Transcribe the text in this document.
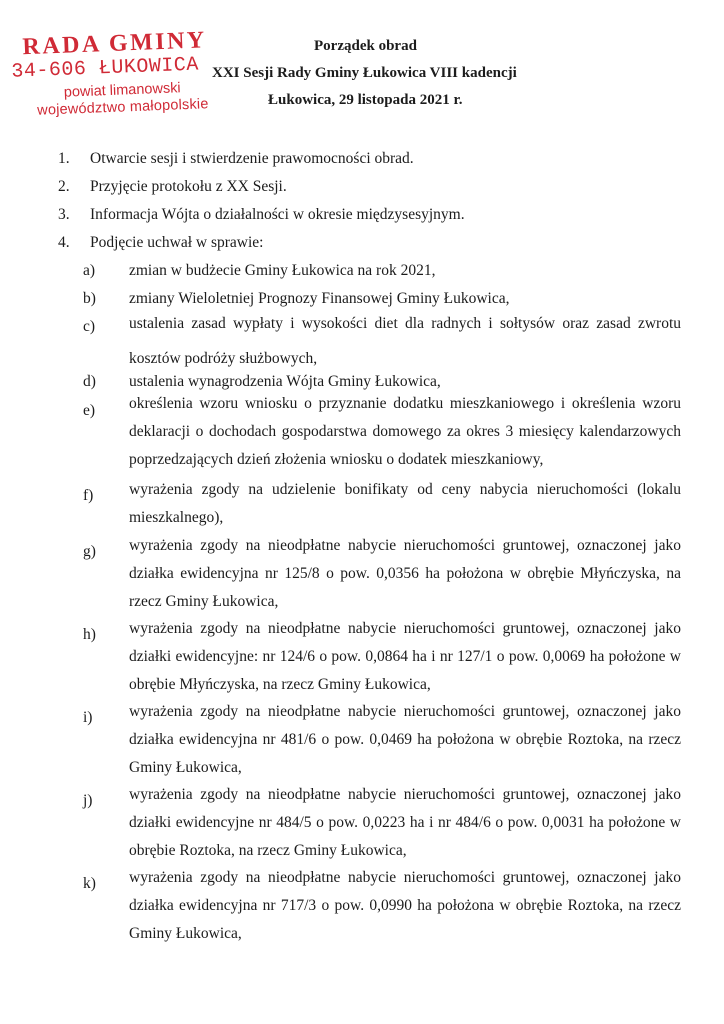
RADA GMINY
34-606 ŁUKOWICA
powiat limanowski
województwo małopolskie
Porządek obrad
XXI Sesji Rady Gminy Łukowica VIII kadencji
Łukowica, 29 listopada 2021 r.
1.	Otwarcie sesji i stwierdzenie prawomocności obrad.
2.	Przyjęcie protokołu z XX Sesji.
3.	Informacja Wójta o działalności w okresie międzysesyjnym.
4.	Podjęcie uchwał w sprawie:
a)	zmian w budżecie Gminy Łukowica na rok 2021,
b)	zmiany Wieloletniej Prognozy Finansowej Gminy Łukowica,
c)	ustalenia zasad wypłaty i wysokości diet dla radnych i sołtysów oraz zasad zwrotu kosztów podróży służbowych,
d)	ustalenia wynagrodzenia Wójta Gminy Łukowica,
e)	określenia wzoru wniosku o przyznanie dodatku mieszkaniowego i określenia wzoru deklaracji o dochodach gospodarstwa domowego za okres 3 miesięcy kalendarzowych poprzedzających dzień złożenia wniosku o dodatek mieszkaniowy,
f)	wyrażenia zgody na udzielenie bonifikaty od ceny nabycia nieruchomości (lokalu mieszkalnego),
g)	wyrażenia zgody na nieodpłatne nabycie nieruchomości gruntowej, oznaczonej jako działka ewidencyjna nr 125/8 o pow. 0,0356 ha położona w obrębie Młyńczyska, na rzecz Gminy Łukowica,
h)	wyrażenia zgody na nieodpłatne nabycie nieruchomości gruntowej, oznaczonej jako działki ewidencyjne: nr 124/6 o pow. 0,0864 ha i nr 127/1 o pow. 0,0069 ha położone w obrębie Młyńczyska, na rzecz Gminy Łukowica,
i)	wyrażenia zgody na nieodpłatne nabycie nieruchomości gruntowej, oznaczonej jako działka ewidencyjna nr 481/6 o pow. 0,0469 ha położona w obrębie Roztoka, na rzecz Gminy Łukowica,
j)	wyrażenia zgody na nieodpłatne nabycie nieruchomości gruntowej, oznaczonej jako działki ewidencyjne nr 484/5 o pow. 0,0223 ha i nr 484/6 o pow. 0,0031 ha położone w obrębie Roztoka, na rzecz Gminy Łukowica,
k)	wyrażenia zgody na nieodpłatne nabycie nieruchomości gruntowej, oznaczonej jako działka ewidencyjna nr 717/3 o pow. 0,0990 ha położona w obrębie Roztoka, na rzecz Gminy Łukowica,
